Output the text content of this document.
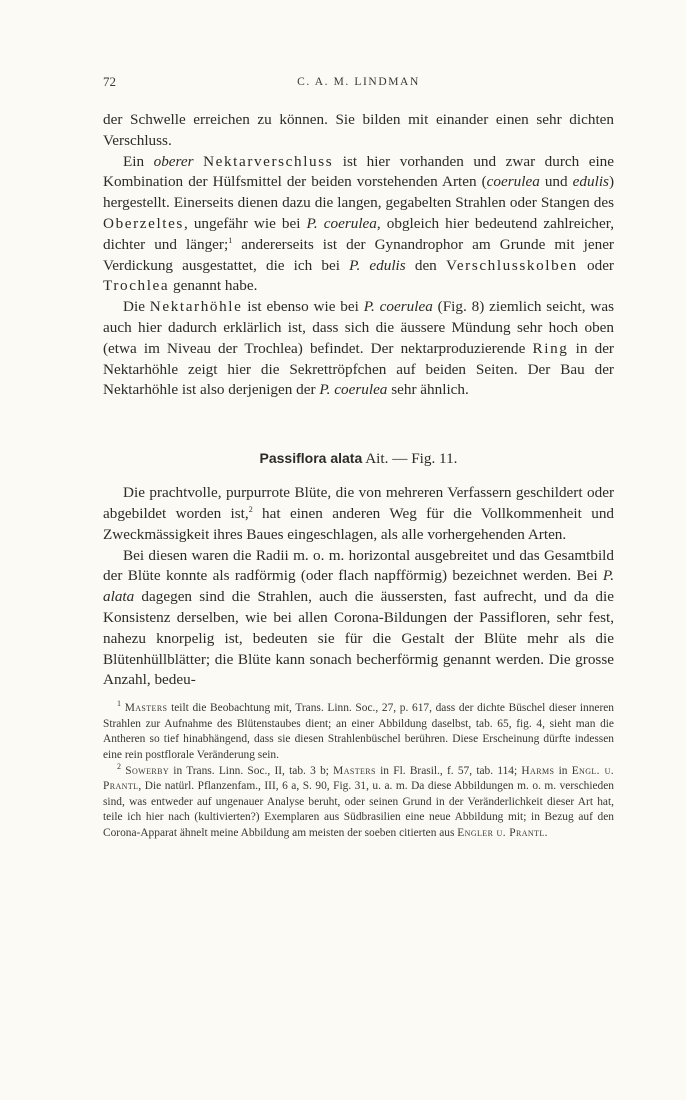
72	C. A. M. LINDMAN

der Schwelle erreichen zu können. Sie bilden mit einander einen sehr dichten Verschluss.

Ein oberer Nektarverschluss ist hier vorhanden und zwar durch eine Kombination der Hülfsmittel der beiden vorstehenden Arten (coerulea und edulis) hergestellt. Einerseits dienen dazu die langen, gegabelten Strahlen oder Stangen des Oberzeltes, ungefähr wie bei P. coerulea, obgleich hier bedeutend zahlreicher, dichter und länger;$^1$ andererseits ist der Gynandrophor am Grunde mit jener Verdickung ausgestattet, die ich bei P. edulis den Verschlusskolben oder Trochlea genannt habe.

Die Nektarhöhle ist ebenso wie bei P. coerulea (Fig. 8) ziemlich seicht, was auch hier dadurch erklärlich ist, dass sich die äussere Mündung sehr hoch oben (etwa im Niveau der Trochlea) befindet. Der nektarproduzierende Ring in der Nektarhöhle zeigt hier die Sekrettröpfchen auf beiden Seiten. Der Bau der Nektarhöhle ist also derjenigen der P. coerulea sehr ähnlich.

Passiflora alata Ait. — Fig. 11.

Die prachtvolle, purpurrote Blüte, die von mehreren Verfassern geschildert oder abgebildet worden ist,$^2$ hat einen anderen Weg für die Vollkommenheit und Zweckmässigkeit ihres Baues eingeschlagen, als alle vorhergehenden Arten.

Bei diesen waren die Radii m. o. m. horizontal ausgebreitet und das Gesamtbild der Blüte konnte als radförmig (oder flach napfförmig) bezeichnet werden. Bei P. alata dagegen sind die Strahlen, auch die äussersten, fast aufrecht, und da die Konsistenz derselben, wie bei allen Corona-Bildungen der Passifloren, sehr fest, nahezu knorpelig ist, bedeuten sie für die Gestalt der Blüte mehr als die Blütenhüllblätter; die Blüte kann sonach becherförmig genannt werden. Die grosse Anzahl, bedeu-

$^1$ Masters teilt die Beobachtung mit, Trans. Linn. Soc., 27, p. 617, dass der dichte Büschel dieser inneren Strahlen zur Aufnahme des Blütenstaubes dient; an einer Abbildung daselbst, tab. 65, fig. 4, sieht man die Antheren so tief hinabhängend, dass sie diesen Strahlenbüschel berühren. Diese Erscheinung dürfte indessen eine rein postflorale Veränderung sein.

$^2$ Sowerby in Trans. Linn. Soc., II, tab. 3 b; Masters in Fl. Brasil., f. 57, tab. 114; Harms in Engl. u. Prantl, Die natürl. Pflanzenfam., III, 6 a, S. 90, Fig. 31, u. a. m. Da diese Abbildungen m. o. m. verschieden sind, was entweder auf ungenauer Analyse beruht, oder seinen Grund in der Veränderlichkeit dieser Art hat, teile ich hier nach (kultivierten?) Exemplaren aus Südbrasilien eine neue Abbildung mit; in Bezug auf den Corona-Apparat ähnelt meine Abbildung am meisten der soeben citierten aus Engler u. Prantl.
